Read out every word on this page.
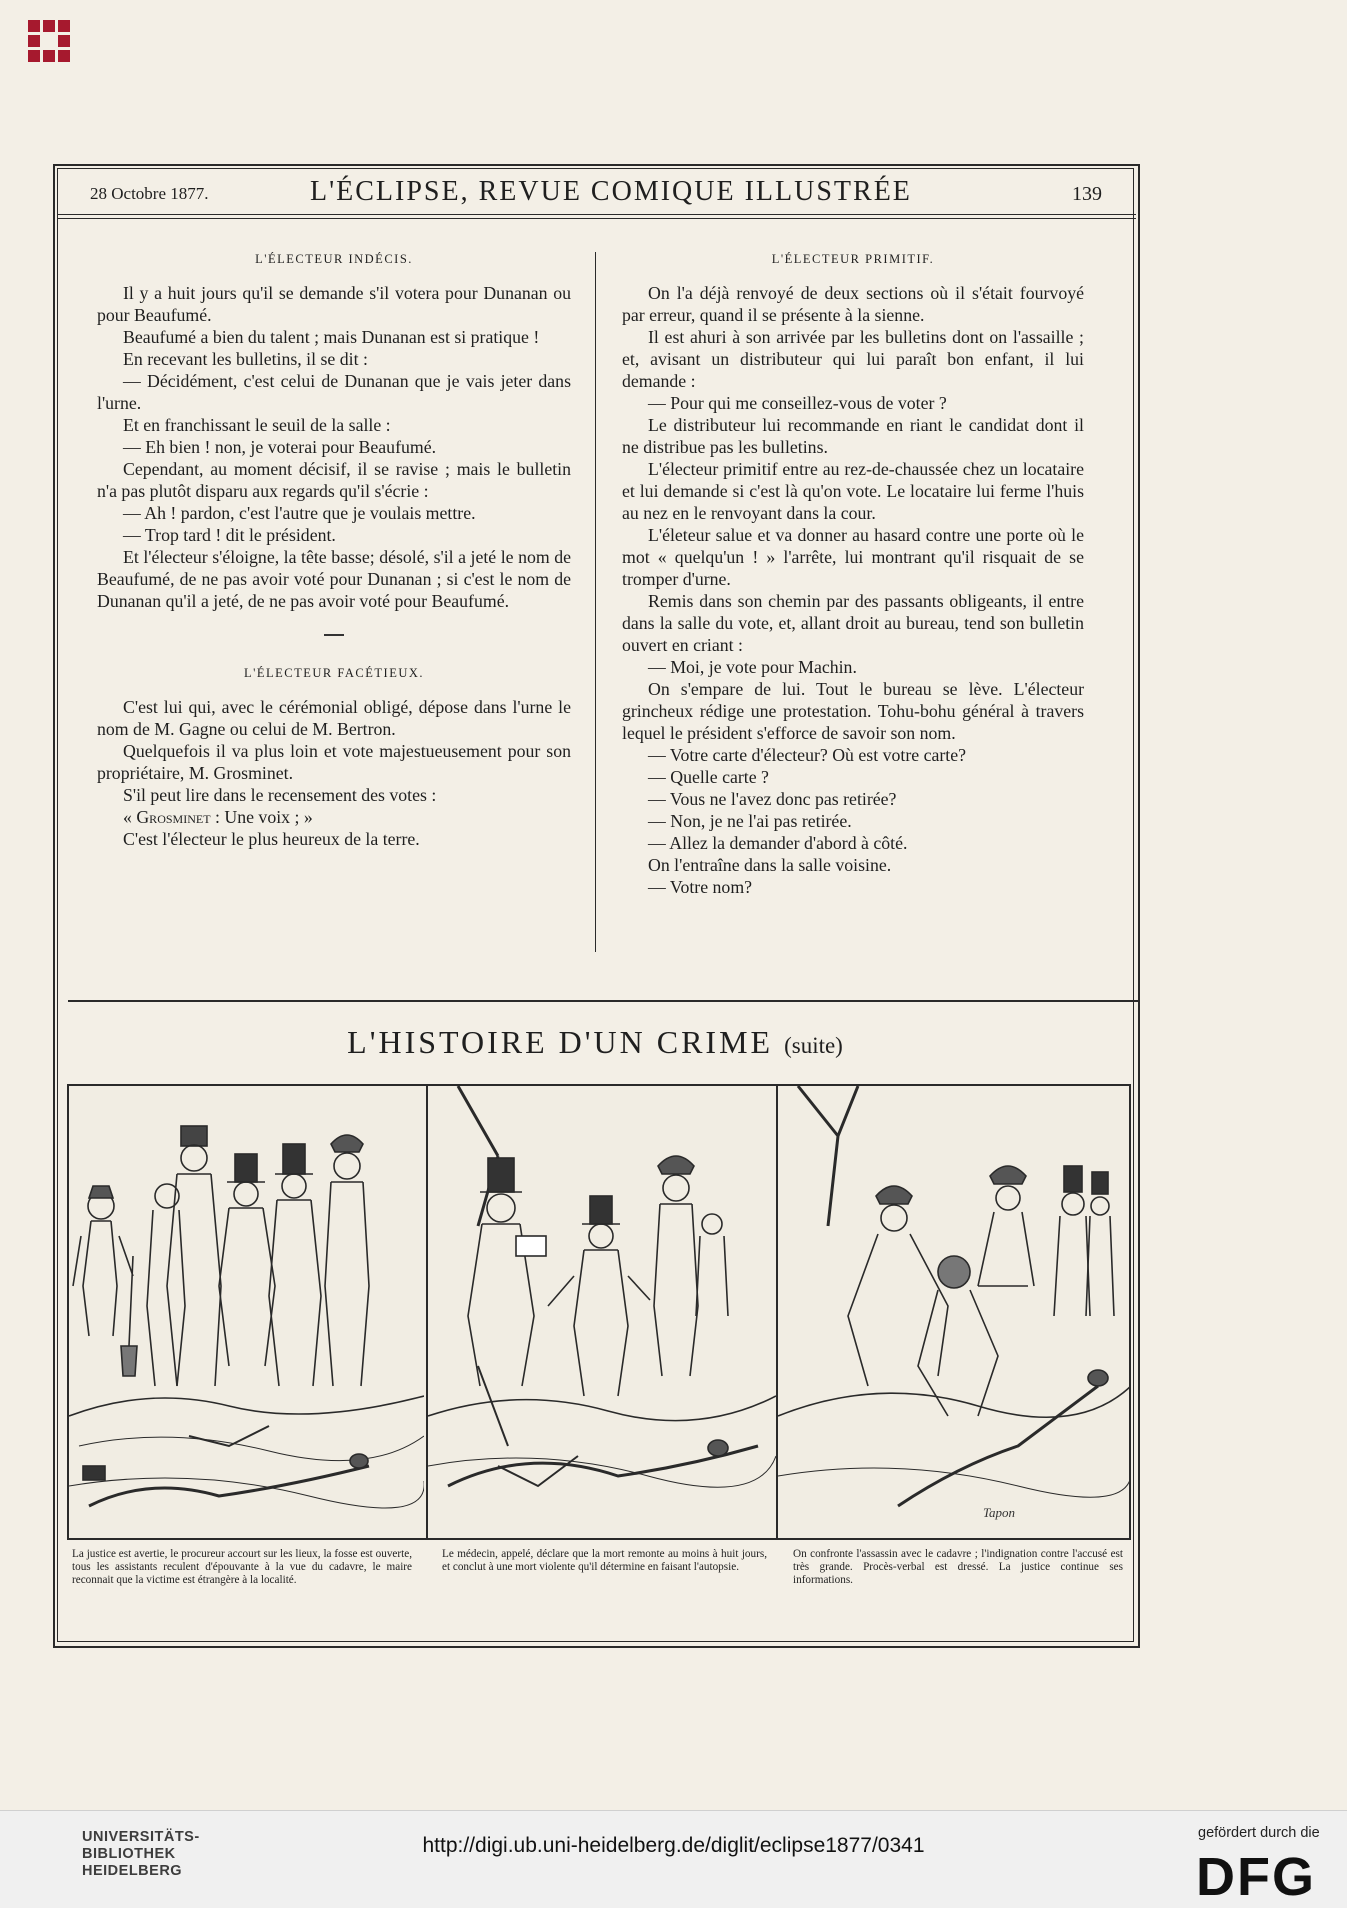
28 Octobre 1877.	L'ÉCLIPSE, REVUE COMIQUE ILLUSTRÉE	139
L'ÉLECTEUR INDÉCIS.

Il y a huit jours qu'il se demande s'il votera pour Dunanan ou pour Beaufumé.

Beaufumé a bien du talent ; mais Dunanan est si pratique !

En recevant les bulletins, il se dit :

— Décidément, c'est celui de Dunanan que je vais jeter dans l'urne.

Et en franchissant le seuil de la salle :

— Eh bien ! non, je voterai pour Beaufumé.

Cependant, au moment décisif, il se ravise ; mais le bulletin n'a pas plutôt disparu aux regards qu'il s'écrie :

— Ah ! pardon, c'est l'autre que je voulais mettre.

— Trop tard ! dit le président.

Et l'électeur s'éloigne, la tête basse; désolé, s'il a jeté le nom de Beaufumé, de ne pas avoir voté pour Dunanan ; si c'est le nom de Dunanan qu'il a jeté, de ne pas avoir voté pour Beaufumé.

L'ÉLECTEUR FACÉTIEUX.

C'est lui qui, avec le cérémonial obligé, dépose dans l'urne le nom de M. Gagne ou celui de M. Bertron.

Quelquefois il va plus loin et vote majestueusement pour son propriétaire, M. Grosminet.

S'il peut lire dans le recensement des votes :

« Grosminet : Une voix ; »

C'est l'électeur le plus heureux de la terre.

L'ÉLECTEUR PRIMITIF.

On l'a déjà renvoyé de deux sections où il s'était fourvoyé par erreur, quand il se présente à la sienne.

Il est ahuri à son arrivée par les bulletins dont on l'assaille ; et, avisant un distributeur qui lui paraît bon enfant, il lui demande :

— Pour qui me conseillez-vous de voter ?

Le distributeur lui recommande en riant le candidat dont il ne distribue pas les bulletins.

L'électeur primitif entre au rez-de-chaussée chez un locataire et lui demande si c'est là qu'on vote. Le locataire lui ferme l'huis au nez en le renvoyant dans la cour.

L'életeur salue et va donner au hasard contre une porte où le mot « quelqu'un ! » l'arrête, lui montrant qu'il risquait de se tromper d'urne.

Remis dans son chemin par des passants obligeants, il entre dans la salle du vote, et, allant droit au bureau, tend son bulletin ouvert en criant :

— Moi, je vote pour Machin.

On s'empare de lui. Tout le bureau se lève. L'électeur grincheux rédige une protestation. Tohu-bohu général à travers lequel le président s'efforce de savoir son nom.

— Votre carte d'électeur? Où est votre carte?

— Quelle carte ?

— Vous ne l'avez donc pas retirée?

— Non, je ne l'ai pas retirée.

— Allez la demander d'abord à côté.

On l'entraîne dans la salle voisine.

— Votre nom?

L'HISTOIRE D'UN CRIME (suite)
Tapon
La justice est avertie, le procureur accourt sur les lieux, la fosse est ouverte, tous les assistants reculent d'épouvante à la vue du cadavre, le maire reconnait que la victime est étrangère à la localité.
Le médecin, appelé, déclare que la mort remonte au moins à huit jours, et conclut à une mort violente qu'il détermine en faisant l'autopsie.
On confronte l'assassin avec le cadavre ; l'indignation contre l'accusé est très grande. Procès-verbal est dressé. La justice continue ses informations.
UNIVERSITÄTS-
BIBLIOTHEK
HEIDELBERG
http://digi.ub.uni-heidelberg.de/diglit/eclipse1877/0341
gefördert durch die
DFG
